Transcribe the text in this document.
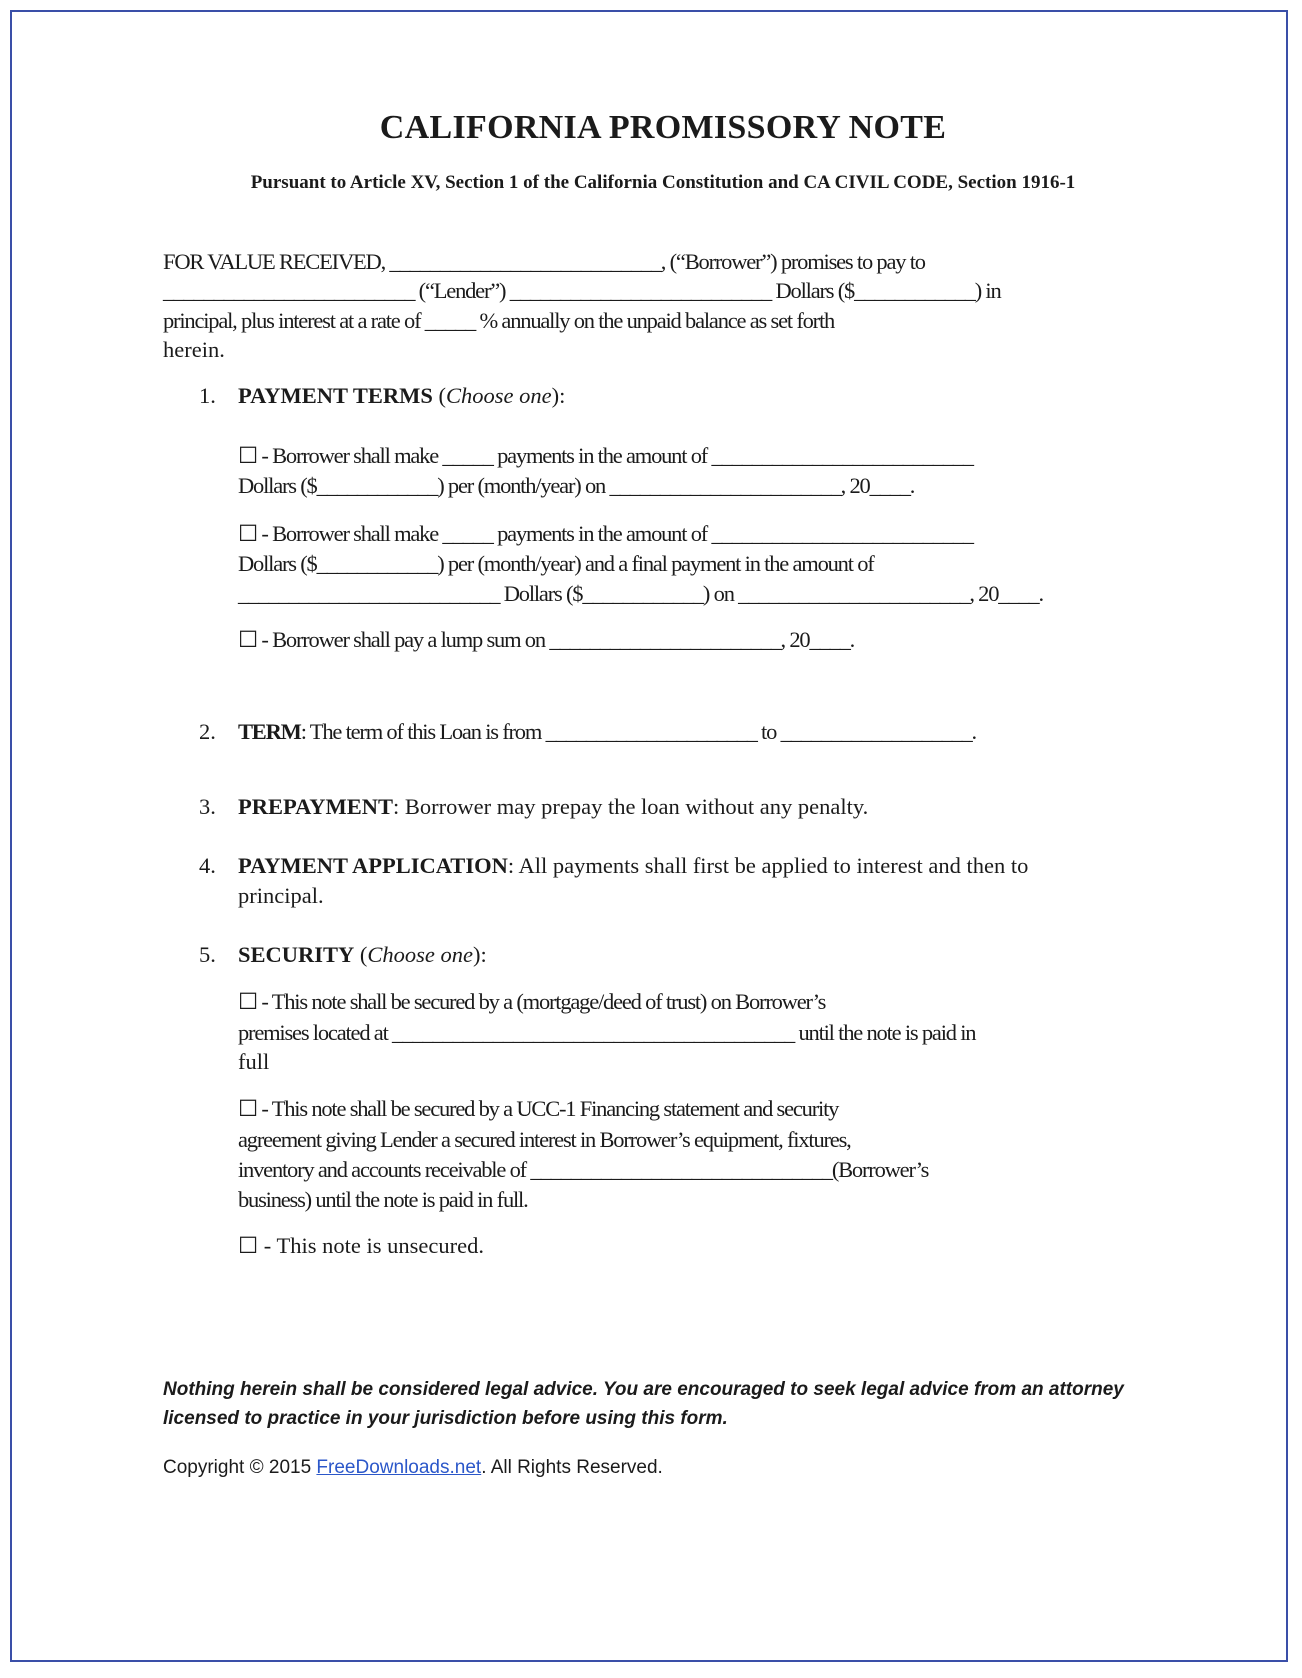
CALIFORNIA PROMISSORY NOTE
Pursuant to Article XV, Section 1 of the California Constitution and CA CIVIL CODE, Section 1916-1
FOR VALUE RECEIVED, ___________________________, (“Borrower”) promises to pay to
_________________________ (“Lender”) __________________________ Dollars ($____________) in
principal, plus interest at a rate of _____ % annually on the unpaid balance as set forth
herein.
1. PAYMENT TERMS (Choose one):
☐ - Borrower shall make _____ payments in the amount of __________________________
Dollars ($____________) per (month/year) on _______________________, 20____.
☐ - Borrower shall make _____ payments in the amount of __________________________
Dollars ($____________) per (month/year) and a final payment in the amount of
__________________________ Dollars ($____________) on _______________________, 20____.
☐ - Borrower shall pay a lump sum on _______________________, 20____.
2. TERM: The term of this Loan is from _____________________ to ___________________.
3. PREPAYMENT: Borrower may prepay the loan without any penalty.
4. PAYMENT APPLICATION: All payments shall first be applied to interest and then to
principal.
5. SECURITY (Choose one):
☐ - This note shall be secured by a (mortgage/deed of trust) on Borrower’s
premises located at ________________________________________ until the note is paid in
full
☐ - This note shall be secured by a UCC-1 Financing statement and security
agreement giving Lender a secured interest in Borrower’s equipment, fixtures,
inventory and accounts receivable of ______________________________(Borrower’s
business) until the note is paid in full.
☐ - This note is unsecured.
Nothing herein shall be considered legal advice. You are encouraged to seek legal advice from an attorney licensed to practice in your jurisdiction before using this form.
Copyright © 2015 FreeDownloads.net. All Rights Reserved.
